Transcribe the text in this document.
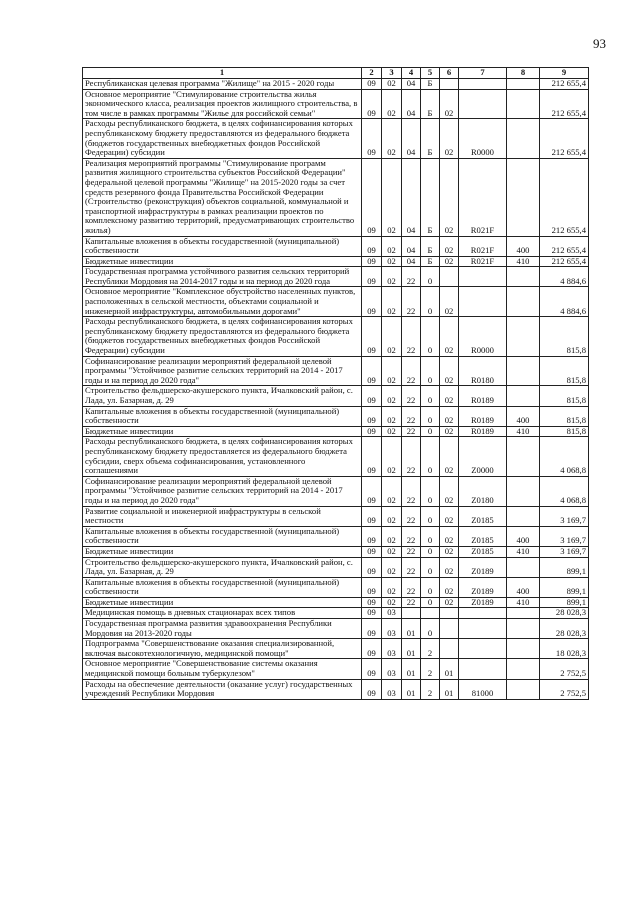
93
1	2	3	4	5	6	7	8	9
Республиканская целевая программа "Жилище" на 2015 - 2020 годы	09	02	04	Б				212 655,4
Основное мероприятие "Стимулирование строительства жилья экономического класса, реализация проектов жилищного строительства, в том числе в рамках программы "Жилье для российской семьи"	09	02	04	Б	02			212 655,4
Расходы республиканского бюджета, в целях софинансирования которых республиканскому бюджету предоставляются из федерального бюджета (бюджетов государственных внебюджетных фондов Российской Федерации) субсидии	09	02	04	Б	02	R0000		212 655,4
Реализация мероприятий программы "Стимулирование программ развития жилищного строительства субъектов Российской Федерации" федеральной целевой программы "Жилище" на 2015-2020 годы за счет средств резервного фонда Правительства Российской Федерации (Строительство (реконструкция) объектов социальной, коммунальной и транспортной инфраструктуры в рамках реализации проектов по комплексному развитию территорий, предусматривающих строительство жилья)	09	02	04	Б	02	R021F		212 655,4
Капитальные вложения в объекты государственной (муниципальной) собственности	09	02	04	Б	02	R021F	400	212 655,4
Бюджетные инвестиции	09	02	04	Б	02	R021F	410	212 655,4
Государственная программа устойчивого развития сельских территорий Республики Мордовия на 2014-2017 годы и на период до 2020 года	09	02	22	0				4 884,6
Основное мероприятие "Комплексное обустройство населенных пунктов, расположенных в сельской местности, объектами социальной и инженерной инфраструктуры, автомобильными дорогами"	09	02	22	0	02			4 884,6
Расходы республиканского бюджета, в целях софинансирования которых республиканскому бюджету предоставляются из федерального бюджета (бюджетов государственных внебюджетных фондов Российской Федерации) субсидии	09	02	22	0	02	R0000		815,8
Софинансирование реализации мероприятий федеральной целевой программы "Устойчивое развитие сельских территорий на 2014 - 2017 годы и на период до 2020 года"	09	02	22	0	02	R0180		815,8
Строительство фельдшерско-акушерского пункта, Ичалковский район, с. Лада, ул. Базарная, д. 29	09	02	22	0	02	R0189		815,8
Капитальные вложения в объекты государственной (муниципальной) собственности	09	02	22	0	02	R0189	400	815,8
Бюджетные инвестиции	09	02	22	0	02	R0189	410	815,8
Расходы республиканского бюджета, в целях софинансирования которых республиканскому бюджету предоставляется из федерального бюджета субсидии, сверх объема софинансирования, установленного соглашениями	09	02	22	0	02	Z0000		4 068,8
Софинансирование реализации мероприятий федеральной целевой программы "Устойчивое развитие сельских территорий на 2014 - 2017 годы и на период до 2020 года"	09	02	22	0	02	Z0180		4 068,8
Развитие социальной и инженерной инфраструктуры в сельской местности	09	02	22	0	02	Z0185		3 169,7
Капитальные вложения в объекты государственной (муниципальной) собственности	09	02	22	0	02	Z0185	400	3 169,7
Бюджетные инвестиции	09	02	22	0	02	Z0185	410	3 169,7
Строительство фельдшерско-акушерского пункта, Ичалковский район, с. Лада, ул. Базарная, д. 29	09	02	22	0	02	Z0189		899,1
Капитальные вложения в объекты государственной (муниципальной) собственности	09	02	22	0	02	Z0189	400	899,1
Бюджетные инвестиции	09	02	22	0	02	Z0189	410	899,1
Медицинская помощь в дневных стационарах всех типов	09	03						28 028,3
Государственная программа развития здравоохранения Республики Мордовия на 2013-2020 годы	09	03	01	0				28 028,3
Подпрограмма "Совершенствование оказания специализированной, включая высокотехнологичную, медицинской помощи"	09	03	01	2				18 028,3
Основное мероприятие "Совершенствование системы оказания медицинской помощи больным туберкулезом"	09	03	01	2	01			2 752,5
Расходы на обеспечение деятельности (оказание услуг) государственных учреждений Республики Мордовия	09	03	01	2	01	81000		2 752,5
